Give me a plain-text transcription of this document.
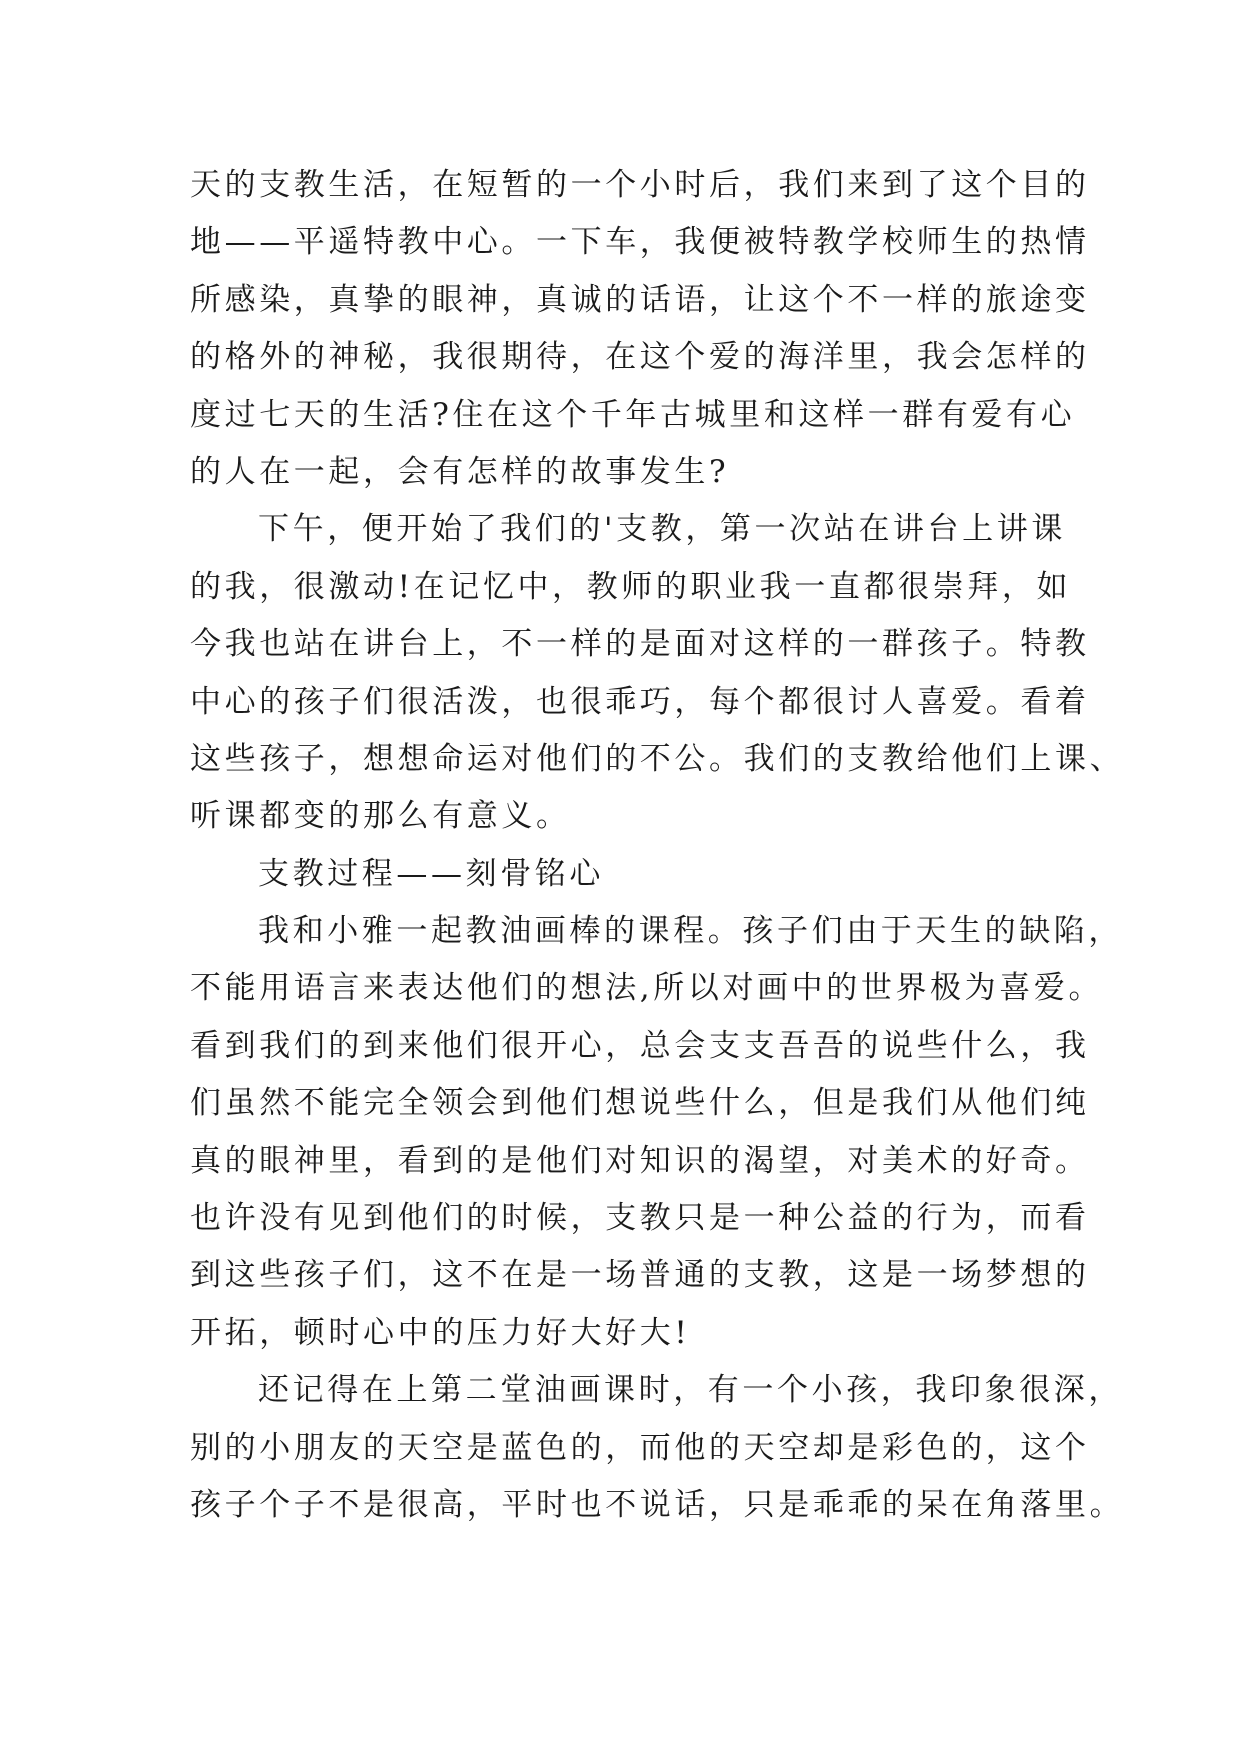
天的支教生活，在短暂的一个小时后，我们来到了这个目的
地——平遥特教中心。一下车，我便被特教学校师生的热情
所感染，真挚的眼神，真诚的话语，让这个不一样的旅途变
的格外的神秘，我很期待，在这个爱的海洋里，我会怎样的
度过七天的生活?住在这个千年古城里和这样一群有爱有心
的人在一起，会有怎样的故事发生?
下午，便开始了我们的'支教，第一次站在讲台上讲课
的我，很激动!在记忆中，教师的职业我一直都很崇拜，如
今我也站在讲台上，不一样的是面对这样的一群孩子。特教
中心的孩子们很活泼，也很乖巧，每个都很讨人喜爱。看着
这些孩子，想想命运对他们的不公。我们的支教给他们上课、
听课都变的那么有意义。
支教过程——刻骨铭心
我和小雅一起教油画棒的课程。孩子们由于天生的缺陷，
不能用语言来表达他们的想法,所以对画中的世界极为喜爱。
看到我们的到来他们很开心，总会支支吾吾的说些什么，我
们虽然不能完全领会到他们想说些什么，但是我们从他们纯
真的眼神里，看到的是他们对知识的渴望，对美术的好奇。
也许没有见到他们的时候，支教只是一种公益的行为，而看
到这些孩子们，这不在是一场普通的支教，这是一场梦想的
开拓，顿时心中的压力好大好大!
还记得在上第二堂油画课时，有一个小孩，我印象很深，
别的小朋友的天空是蓝色的，而他的天空却是彩色的，这个
孩子个子不是很高，平时也不说话，只是乖乖的呆在角落里。
